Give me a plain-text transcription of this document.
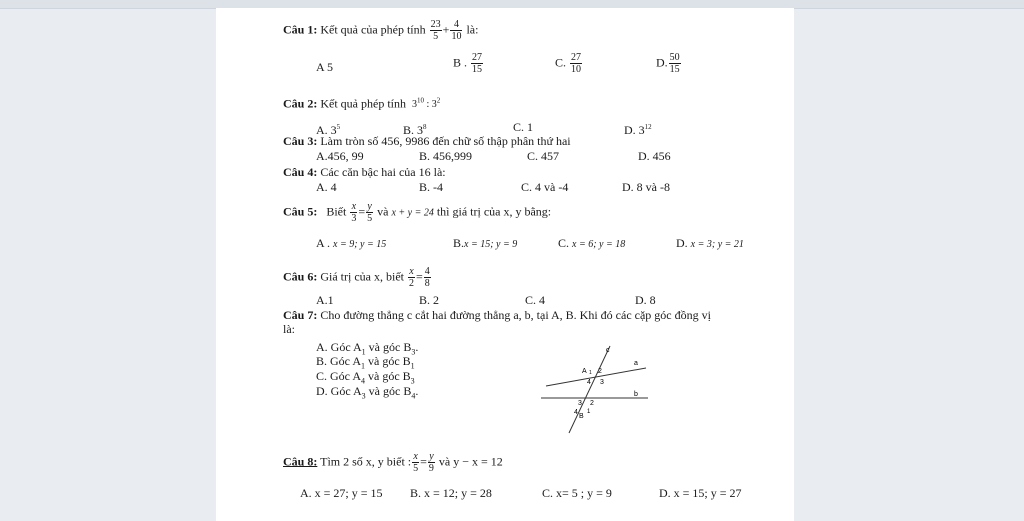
Câu 1: Kết quả của phép tính $\frac{23}{5} + \frac{4}{10}$ là:
A 5	B . $\frac{27}{15}$	C. $\frac{27}{10}$	D. $\frac{50}{15}$
Câu 2: Kết quả phép tính $3^{10}$ : $3^2$
A. $3^5$	B. $3^8$	C. 1	D. $3^{12}$
Câu 3: Làm tròn số 456, 9986 đến chữ số thập phân thứ hai
A.456, 99	B. 456,999	C. 457	D. 456
Câu 4: Các căn bậc hai của 16 là:
A. 4	B. -4	C. 4 và -4	D. 8 và -8
Câu 5: Biết $\frac{x}{3} = \frac{y}{5}$ và x + y = 24 thì giá trị của x, y bằng:
A . x = 9; y = 15	B.x = 15; y = 9	C. x = 6; y = 18	D. x = 3; y = 21
Câu 6: Giá trị của x, biết $\frac{x}{2} = \frac{4}{8}$
A.1	B. 2	C. 4	D. 8
Câu 7: Cho đường thẳng c cắt hai đường thẳng a, b, tại A, B. Khi đó các cặp góc đồng vị
là:
A. Góc $A_1$ và góc $B_3$.
B. Góc $A_1$ và góc $B_1$
C. Góc $A_4$ và góc $B_3$
D. Góc $A_3$ và góc $B_4$.
c
a
b
A 1 2
3
4
3 2
4
B
1
Câu 8: Tìm 2 số x, y biết : $\frac{x}{5} = \frac{y}{9}$ và y − x = 12
A. x = 27; y = 15 B. x = 12; y = 28	C. x= 5 ; y = 9	D. x = 15; y = 27
